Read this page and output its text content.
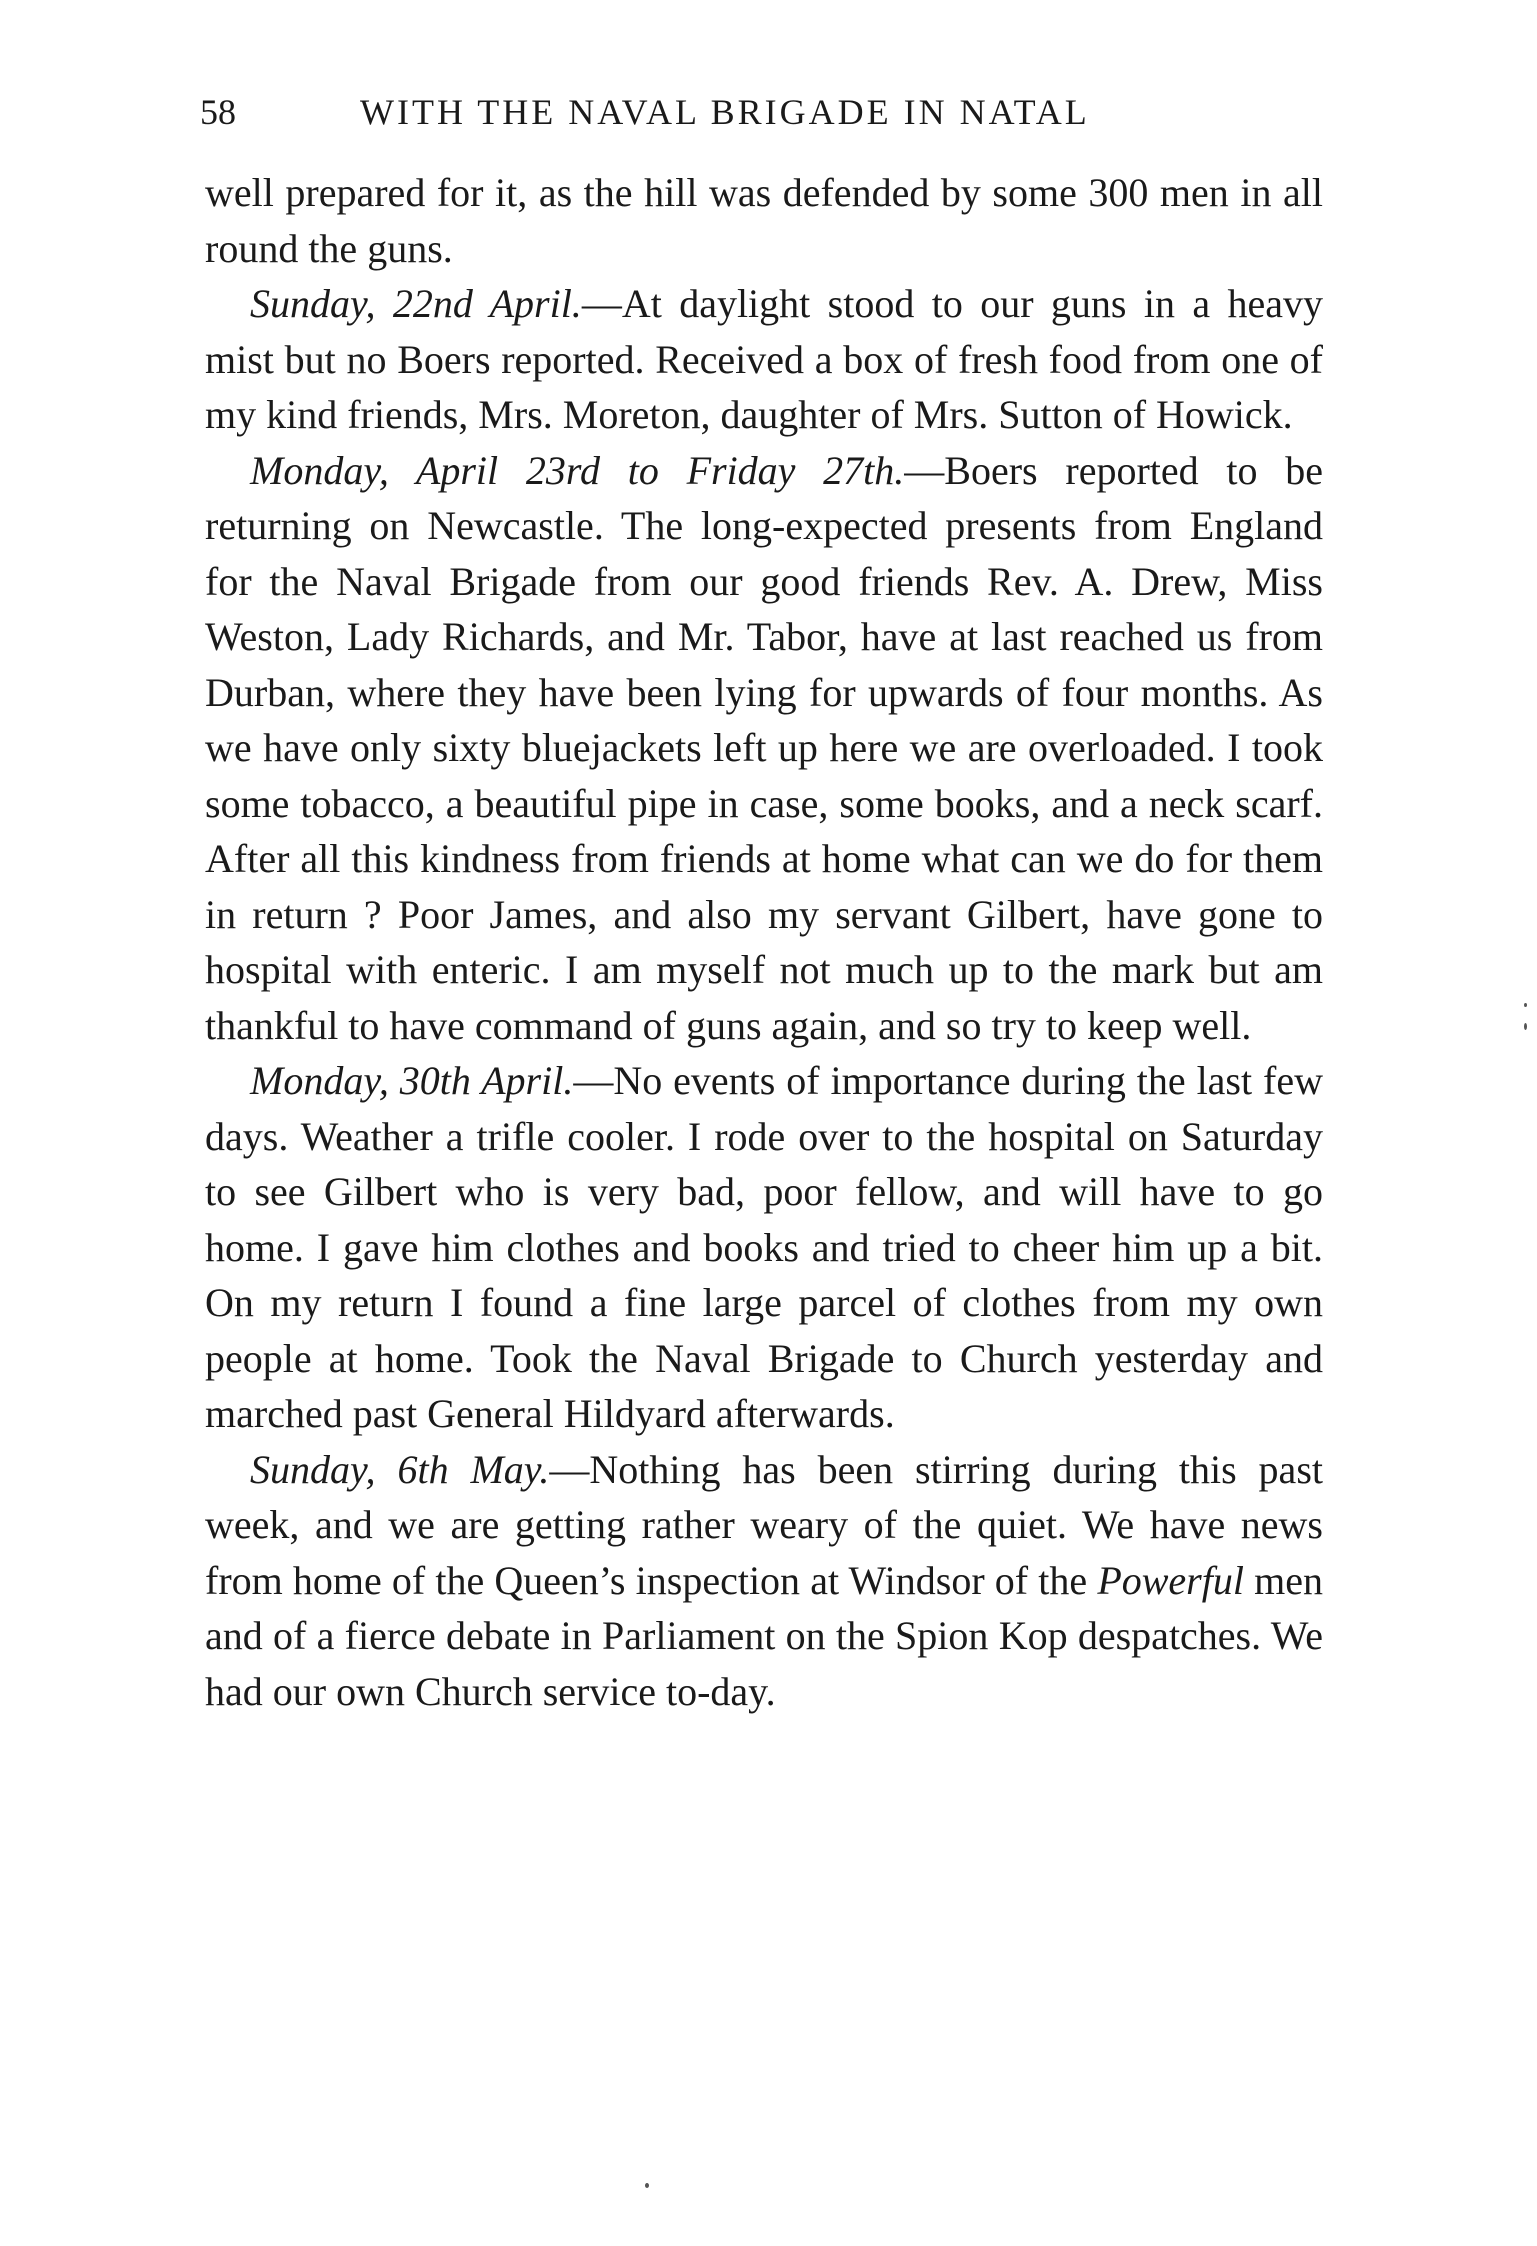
58	WITH THE NAVAL BRIGADE IN NATAL

well prepared for it, as the hill was defended by some 300 men in all round the guns.

Sunday, 22nd April.—At daylight stood to our guns in a heavy mist but no Boers reported. Received a box of fresh food from one of my kind friends, Mrs. Moreton, daughter of Mrs. Sutton of Howick.

Monday, April 23rd to Friday 27th.—Boers reported to be returning on Newcastle. The long-expected presents from England for the Naval Brigade from our good friends Rev. A. Drew, Miss Weston, Lady Richards, and Mr. Tabor, have at last reached us from Durban, where they have been lying for upwards of four months. As we have only sixty bluejackets left up here we are overloaded. I took some tobacco, a beautiful pipe in case, some books, and a neck scarf. After all this kindness from friends at home what can we do for them in return ? Poor James, and also my servant Gilbert, have gone to hospital with enteric. I am myself not much up to the mark but am thankful to have command of guns again, and so try to keep well.

Monday, 30th April.—No events of importance during the last few days. Weather a trifle cooler. I rode over to the hospital on Saturday to see Gilbert who is very bad, poor fellow, and will have to go home. I gave him clothes and books and tried to cheer him up a bit. On my return I found a fine large parcel of clothes from my own people at home. Took the Naval Brigade to Church yesterday and marched past General Hildyard afterwards.

Sunday, 6th May.—Nothing has been stirring during this past week, and we are getting rather weary of the quiet. We have news from home of the Queen’s inspection at Windsor of the Powerful men and of a fierce debate in Parliament on the Spion Kop despatches. We had our own Church service to-day.
